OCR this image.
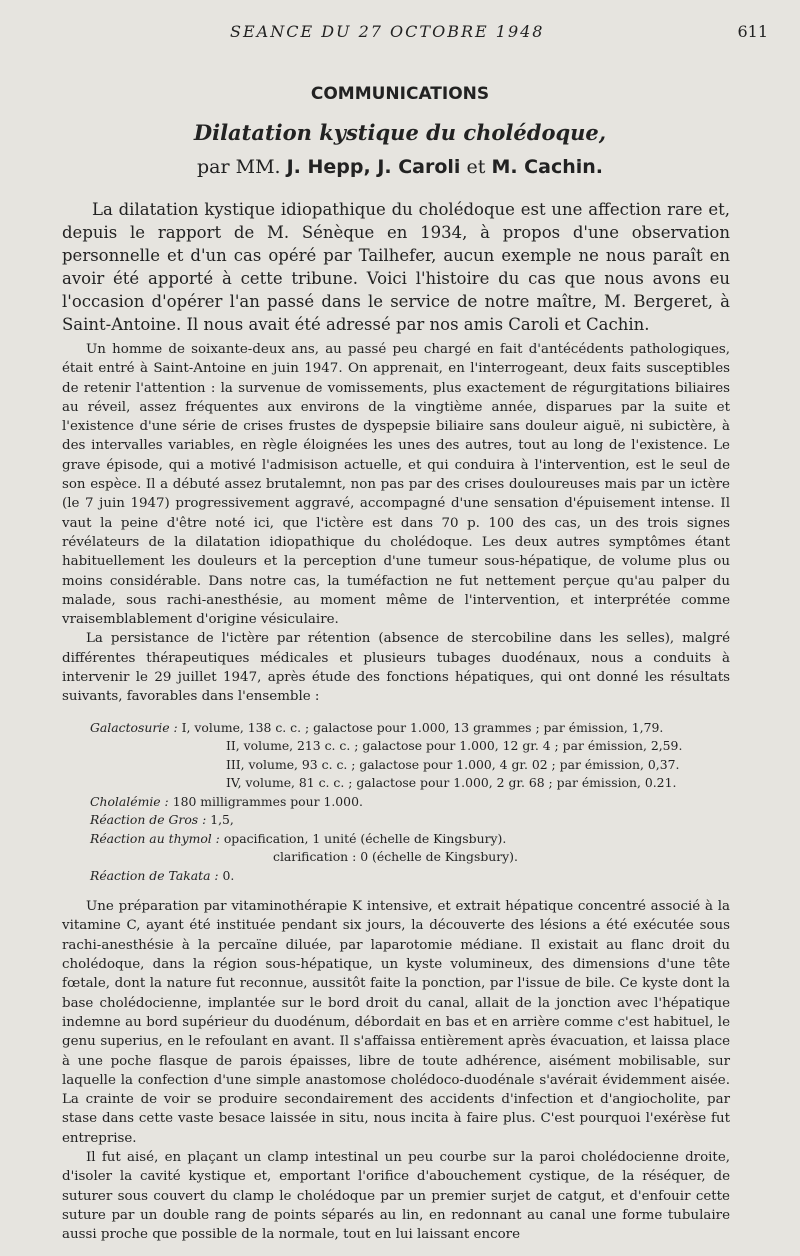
SEANCE DU 27 OCTOBRE 1948	611
COMMUNICATIONS
Dilatation kystique du cholédoque,
par MM. J. Hepp, J. Caroli et M. Cachin.

La dilatation kystique idiopathique du cholédoque est une affection rare et, depuis le rapport de M. Sénèque en 1934, à propos d'une observation personnelle et d'un cas opéré par Tailhefer, aucun exemple ne nous paraît en avoir été apporté à cette tribune. Voici l'histoire du cas que nous avons eu l'occasion d'opérer l'an passé dans le service de notre maître, M. Bergeret, à Saint-Antoine. Il nous avait été adressé par nos amis Caroli et Cachin.

Un homme de soixante-deux ans, au passé peu chargé en fait d'antécédents pathologiques, était entré à Saint-Antoine en juin 1947. On apprenait, en l'interrogeant, deux faits susceptibles de retenir l'attention : la survenue de vomissements, plus exactement de régurgitations biliaires au réveil, assez fréquentes aux environs de la vingtième année, disparues par la suite et l'existence d'une série de crises frustes de dyspepsie biliaire sans douleur aiguë, ni subictère, à des intervalles variables, en règle éloignées les unes des autres, tout au long de l'existence. Le grave épisode, qui a motivé l'admisison actuelle, et qui conduira à l'intervention, est le seul de son espèce. Il a débuté assez brutalemnt, non pas par des crises douloureuses mais par un ictère (le 7 juin 1947) progressivement aggravé, accompagné d'une sensation d'épuisement intense. Il vaut la peine d'être noté ici, que l'ictère est dans 70 p. 100 des cas, un des trois signes révélateurs de la dilatation idiopathique du cholédoque. Les deux autres symptômes étant habituellement les douleurs et la perception d'une tumeur sous-hépatique, de volume plus ou moins considérable. Dans notre cas, la tuméfaction ne fut nettement perçue qu'au palper du malade, sous rachi-anesthésie, au moment même de l'intervention, et interprétée comme vraisemblablement d'origine vésiculaire.

La persistance de l'ictère par rétention (absence de stercobiline dans les selles), malgré différentes thérapeutiques médicales et plusieurs tubages duodénaux, nous a conduits à intervenir le 29 juillet 1947, après étude des fonctions hépatiques, qui ont donné les résultats suivants, favorables dans l'ensemble :

Galactosurie : I, volume, 138 c. c. ; galactose pour 1.000, 13 grammes ; par émission, 1,79.
II, volume, 213 c. c. ; galactose pour 1.000, 12 gr. 4 ; par émission, 2,59.
III, volume, 93 c. c. ; galactose pour 1.000, 4 gr. 02 ; par émission, 0,37.
IV, volume, 81 c. c. ; galactose pour 1.000, 2 gr. 68 ; par émission, 0.21.
Cholalémie : 180 milligrammes pour 1.000.
Réaction de Gros : 1,5,
Réaction au thymol : opacification, 1 unité (échelle de Kingsbury).
clarification : 0 (échelle de Kingsbury).
Réaction de Takata : 0.

Une préparation par vitaminothérapie K intensive, et extrait hépatique concentré associé à la vitamine C, ayant été instituée pendant six jours, la découverte des lésions a été exécutée sous rachi-anesthésie à la percaïne diluée, par laparotomie médiane. Il existait au flanc droit du cholédoque, dans la région sous-hépatique, un kyste volumineux, des dimensions d'une tête fœtale, dont la nature fut reconnue, aussitôt faite la ponction, par l'issue de bile. Ce kyste dont la base cholédocienne, implantée sur le bord droit du canal, allait de la jonction avec l'hépatique indemne au bord supérieur du duodénum, débordait en bas et en arrière comme c'est habituel, le genu superius, en le refoulant en avant. Il s'affaissa entièrement après évacuation, et laissa place à une poche flasque de parois épaisses, libre de toute adhérence, aisément mobilisable, sur laquelle la confection d'une simple anastomose cholédoco-duodénale s'avérait évidemment aisée. La crainte de voir se produire secondairement des accidents d'infection et d'angiocholite, par stase dans cette vaste besace laissée in situ, nous incita à faire plus. C'est pourquoi l'exérèse fut entreprise.

Il fut aisé, en plaçant un clamp intestinal un peu courbe sur la paroi cholédocienne droite, d'isoler la cavité kystique et, emportant l'orifice d'abouchement cystique, de la réséquer, de suturer sous couvert du clamp le cholédoque par un premier surjet de catgut, et d'enfouir cette suture par un double rang de points séparés au lin, en redonnant au canal une forme tubulaire aussi proche que possible de la normale, tout en lui laissant encore
